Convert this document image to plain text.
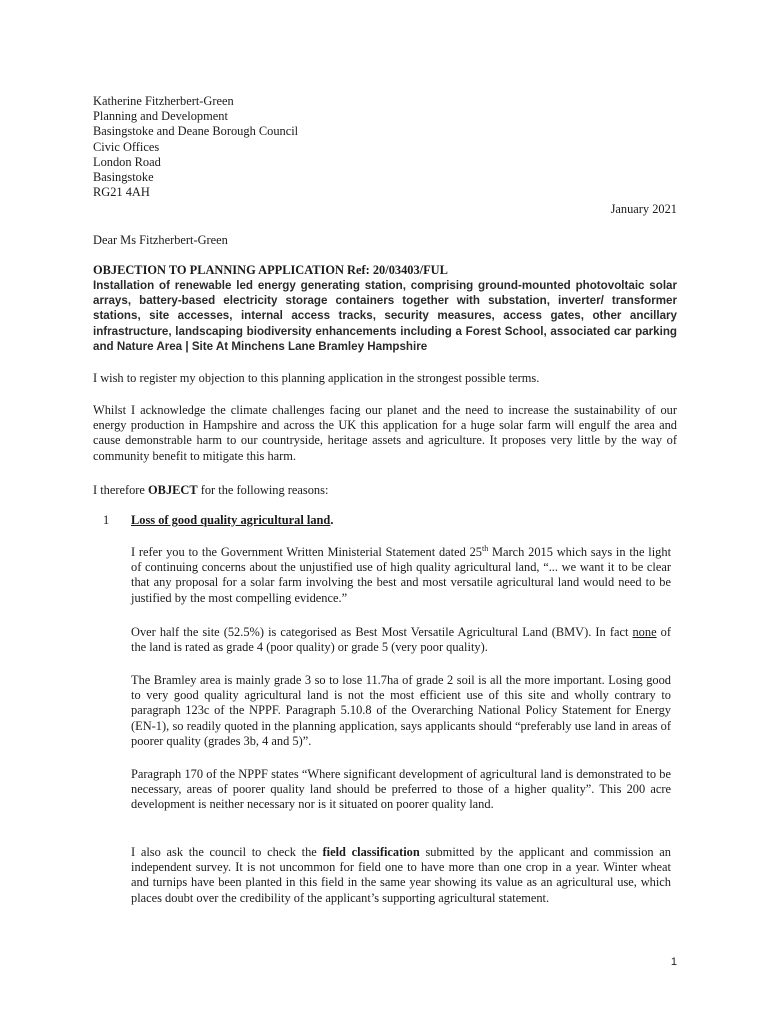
Katherine Fitzherbert-Green
Planning and Development
Basingstoke and Deane Borough Council
Civic Offices
London Road
Basingstoke
RG21 4AH
January 2021
Dear Ms Fitzherbert-Green
OBJECTION TO PLANNING APPLICATION Ref: 20/03403/FUL
Installation of renewable led energy generating station, comprising ground-mounted photovoltaic solar arrays, battery-based electricity storage containers together with substation, inverter/ transformer stations, site accesses, internal access tracks, security measures, access gates, other ancillary infrastructure, landscaping biodiversity enhancements including a Forest School, associated car parking and Nature Area | Site At Minchens Lane Bramley Hampshire
I wish to register my objection to this planning application in the strongest possible terms.
Whilst I acknowledge the climate challenges facing our planet and the need to increase the sustainability of our energy production in Hampshire and across the UK this application for a huge solar farm will engulf the area and cause demonstrable harm to our countryside, heritage assets and agriculture. It proposes very little by the way of community benefit to mitigate this harm.
I therefore OBJECT for the following reasons:
1 Loss of good quality agricultural land.
I refer you to the Government Written Ministerial Statement dated 25th March 2015 which says in the light of continuing concerns about the unjustified use of high quality agricultural land, “... we want it to be clear that any proposal for a solar farm involving the best and most versatile agricultural land would need to be justified by the most compelling evidence.”
Over half the site (52.5%) is categorised as Best Most Versatile Agricultural Land (BMV). In fact none of the land is rated as grade 4 (poor quality) or grade 5 (very poor quality).
The Bramley area is mainly grade 3 so to lose 11.7ha of grade 2 soil is all the more important. Losing good to very good quality agricultural land is not the most efficient use of this site and wholly contrary to paragraph 123c of the NPPF. Paragraph 5.10.8 of the Overarching National Policy Statement for Energy (EN-1), so readily quoted in the planning application, says applicants should “preferably use land in areas of poorer quality (grades 3b, 4 and 5)”.
Paragraph 170 of the NPPF states “Where significant development of agricultural land is demonstrated to be necessary, areas of poorer quality land should be preferred to those of a higher quality”. This 200 acre development is neither necessary nor is it situated on poorer quality land.
I also ask the council to check the field classification submitted by the applicant and commission an independent survey. It is not uncommon for field one to have more than one crop in a year. Winter wheat and turnips have been planted in this field in the same year showing its value as an agricultural use, which places doubt over the credibility of the applicant’s supporting agricultural statement.
1
